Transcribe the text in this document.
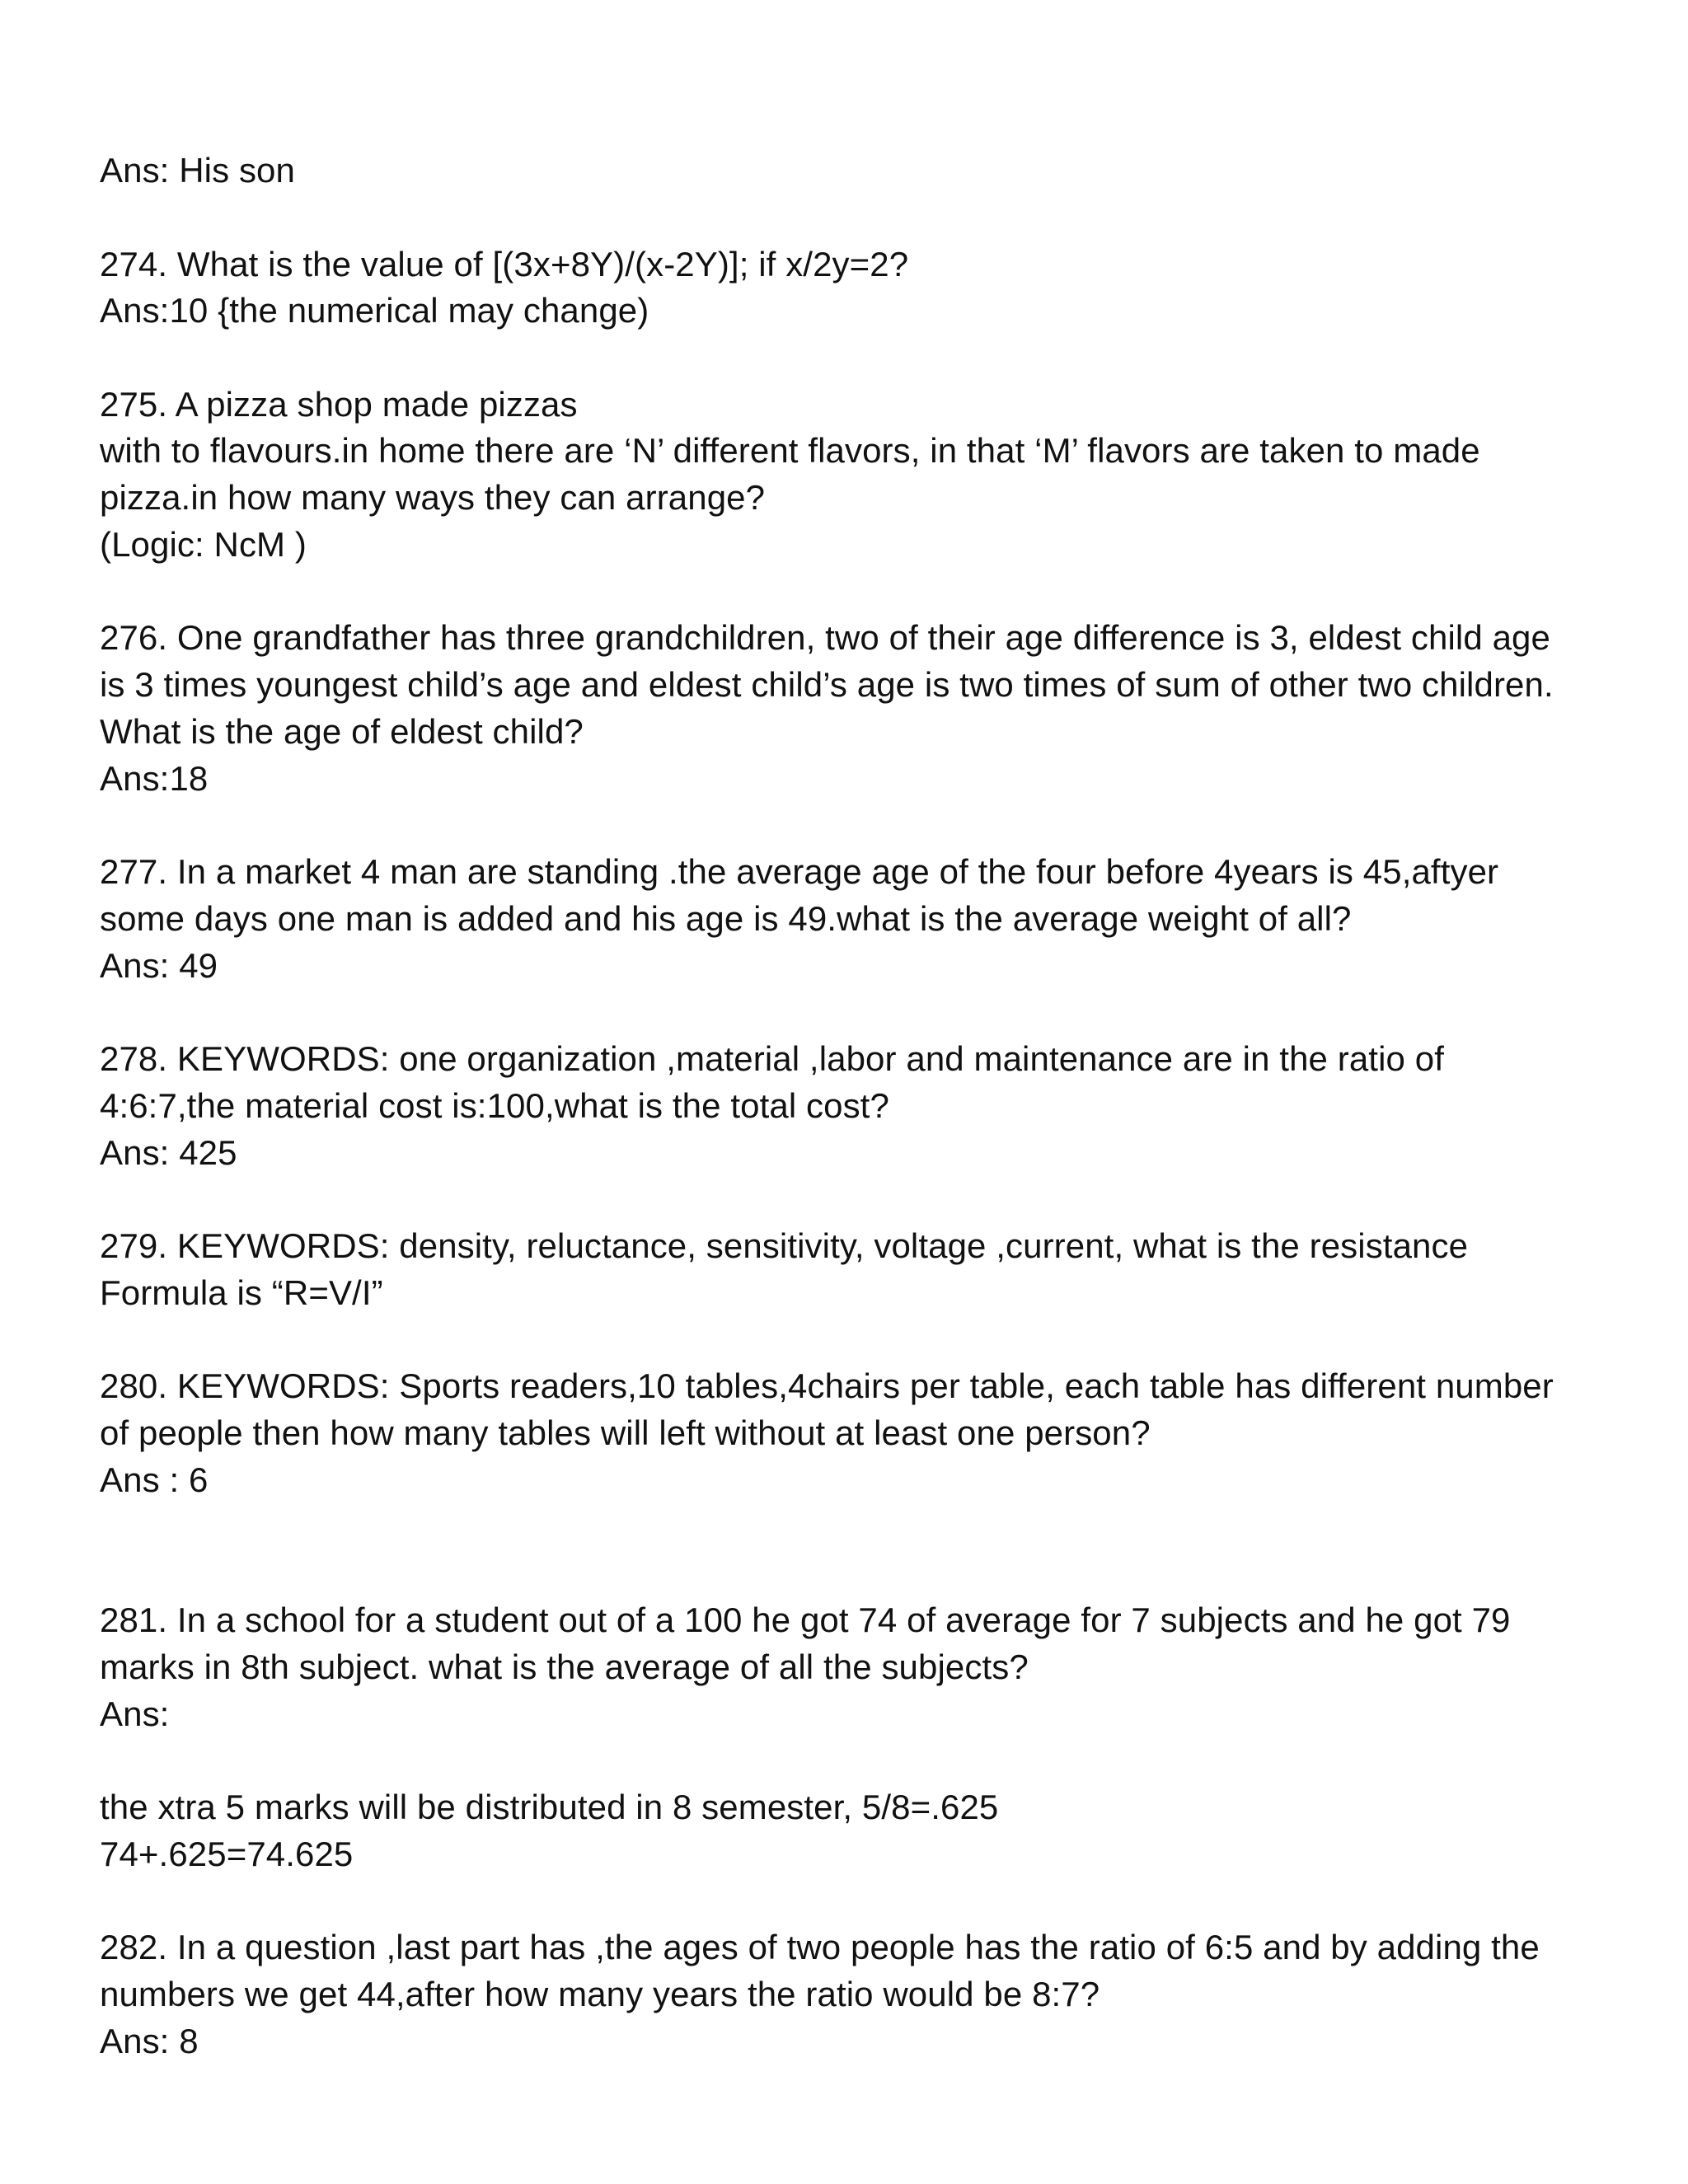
Ans: His son
274. What is the value of [(3x+8Y)/(x-2Y)]; if x/2y=2?
Ans:10 {the numerical may change)
275. A pizza shop made pizzas
with to flavours.in home there are ‘N’ different flavors, in that ‘M’ flavors are taken to made
pizza.in how many ways they can arrange?
(Logic: NcM )
276. One grandfather has three grandchildren, two of their age difference is 3, eldest child age
is 3 times youngest child’s age and eldest child’s age is two times of sum of other two children.
What is the age of eldest child?
Ans:18
277. In a market 4 man are standing .the average age of the four before 4years is 45,aftyer
some days one man is added and his age is 49.what is the average weight of all?
Ans: 49
278. KEYWORDS: one organization ,material ,labor and maintenance are in the ratio of
4:6:7,the material cost is:100,what is the total cost?
Ans: 425
279. KEYWORDS: density, reluctance, sensitivity, voltage ,current, what is the resistance
Formula is “R=V/I”
280. KEYWORDS: Sports readers,10 tables,4chairs per table, each table has different number
of people then how many tables will left without at least one person?
Ans : 6
281. In a school for a student out of a 100 he got 74 of average for 7 subjects and he got 79
marks in 8th subject. what is the average of all the subjects?
Ans:
the xtra 5 marks will be distributed in 8 semester, 5/8=.625
74+.625=74.625
282. In a question ,last part has ,the ages of two people has the ratio of 6:5 and by adding the
numbers we get 44,after how many years the ratio would be 8:7?
Ans: 8
